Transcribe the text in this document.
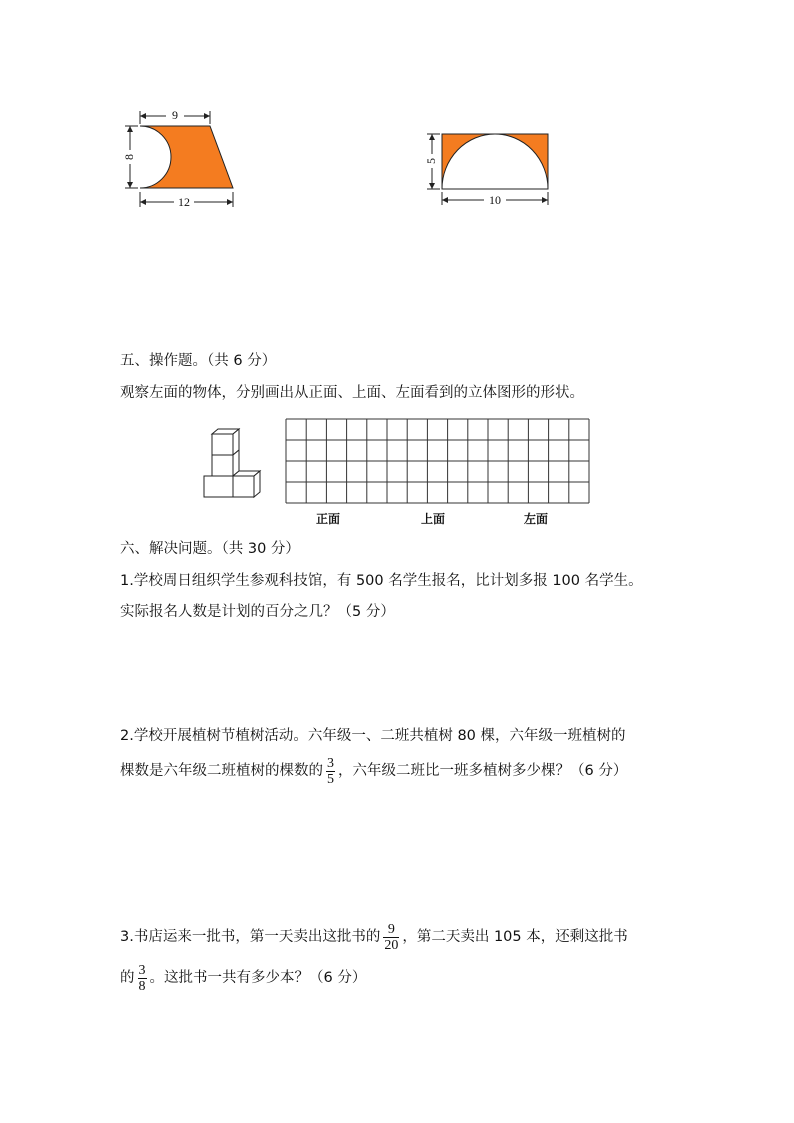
9
8
12
5
10
五、操作题。（共 6 分）
观察左面的物体，分别画出从正面、上面、左面看到的立体图形的形状。
正面	上面	左面
六、解决问题。（共 30 分）
1.学校周日组织学生参观科技馆，有 500 名学生报名，比计划多报 100 名学生。
实际报名人数是计划的百分之几？（5 分）
2.学校开展植树节植树活动。六年级一、二班共植树 80 棵，六年级一班植树的
棵数是六年级二班植树的棵数的 $\frac{3}{5}$ ，六年级二班比一班多植树多少棵？（6 分）
3.书店运来一批书，第一天卖出这批书的 $\frac{9}{20}$ ，第二天卖出 105 本，还剩这批书
的 $\frac{3}{8}$ 。这批书一共有多少本？（6 分）
